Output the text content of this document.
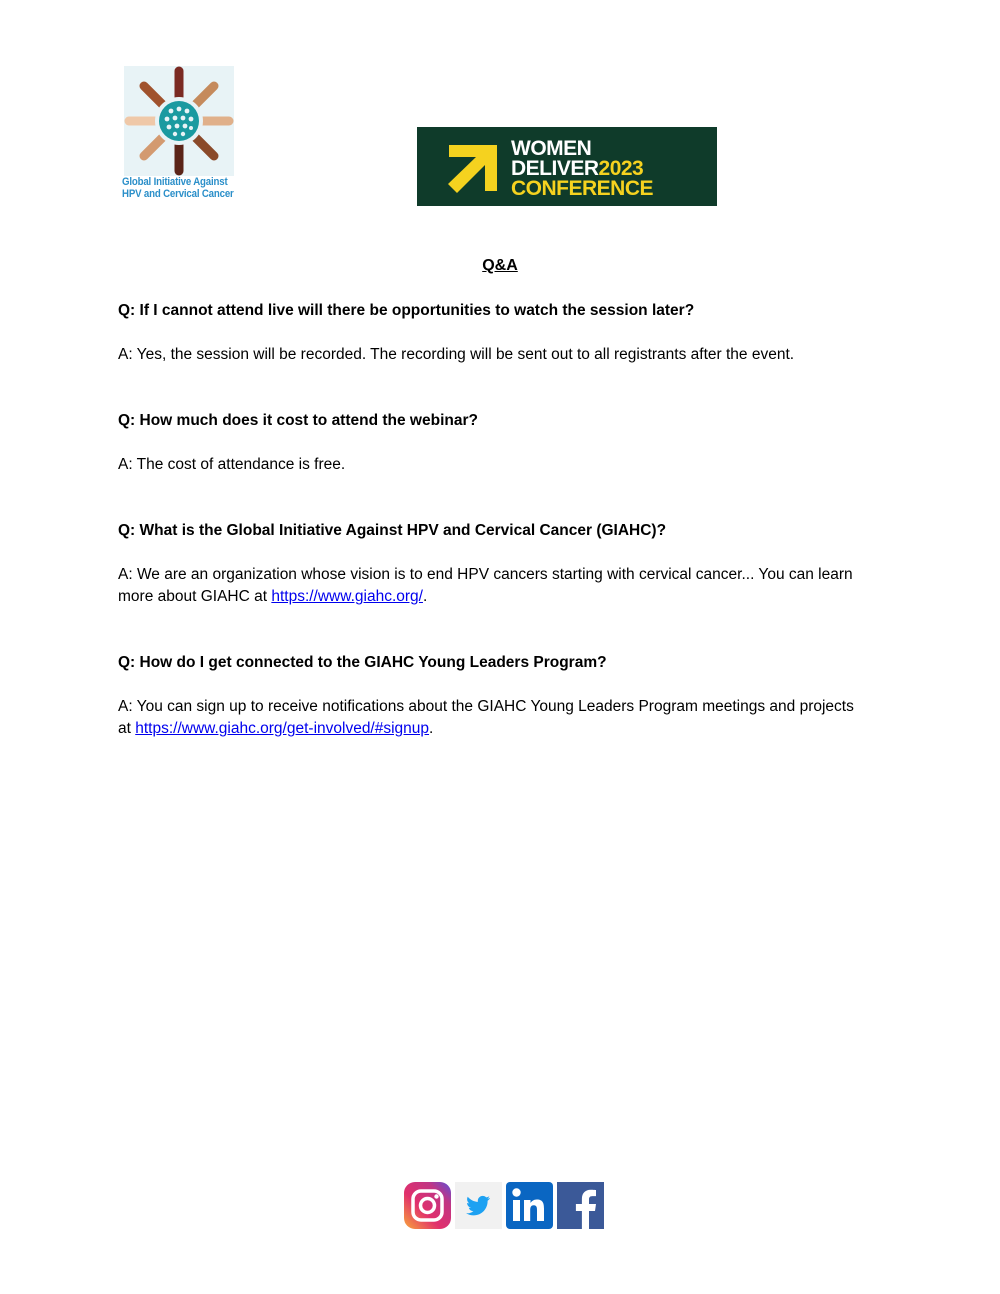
Global Initiative Against
HPV and Cervical Cancer
WOMEN
DELIVER2023
CONFERENCE
Q&A

Q: If I cannot attend live will there be opportunities to watch the session later?

A: Yes, the session will be recorded. The recording will be sent out to all registrants after the event.

Q: How much does it cost to attend the webinar?

A: The cost of attendance is free.

Q: What is the Global Initiative Against HPV and Cervical Cancer (GIAHC)?

A: We are an organization whose vision is to end HPV cancers starting with cervical cancer... You can learn more about GIAHC at https://www.giahc.org/.

Q: How do I get connected to the GIAHC Young Leaders Program?

A: You can sign up to receive notifications about the GIAHC Young Leaders Program meetings and projects at https://www.giahc.org/get-involved/#signup.
